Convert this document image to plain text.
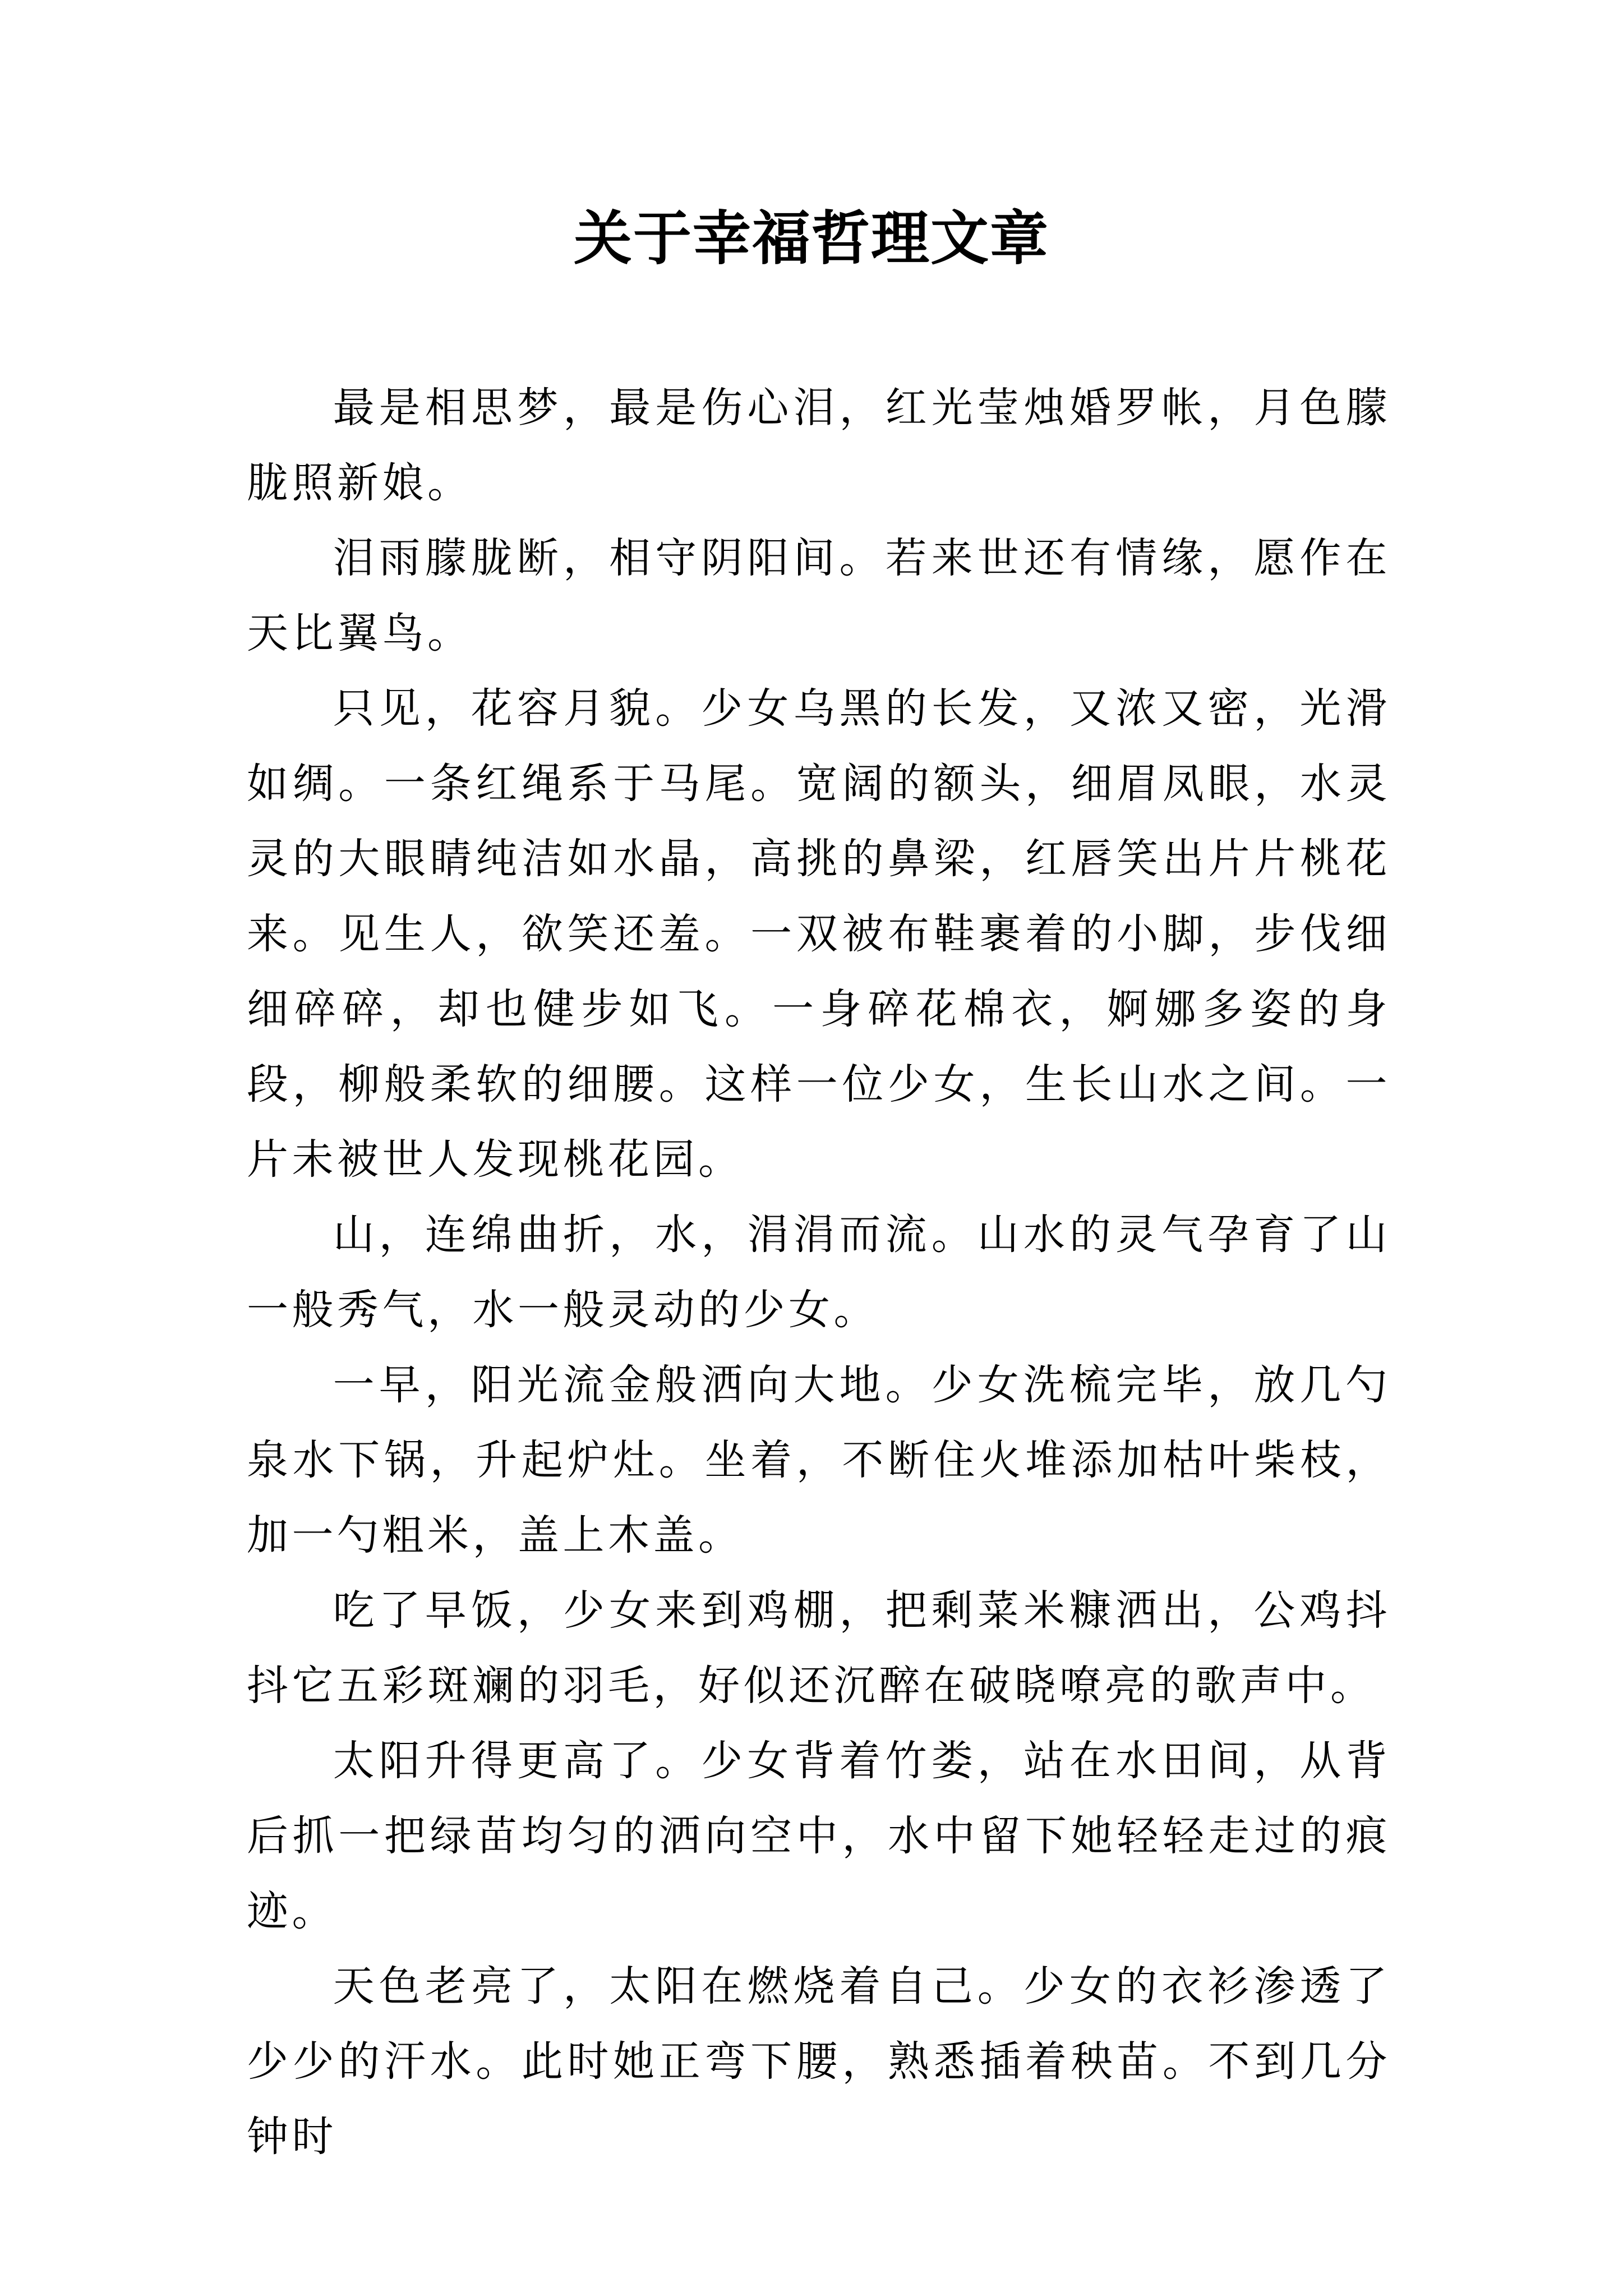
关于幸福哲理文章
最是相思梦，最是伤心泪，红光莹烛婚罗帐，月色朦胧照新娘。
泪雨朦胧断，相守阴阳间。若来世还有情缘，愿作在天比翼鸟。
只见，花容月貌。少女乌黑的长发，又浓又密，光滑如绸。一条红绳系于马尾。宽阔的额头，细眉凤眼，水灵灵的大眼睛纯洁如水晶，高挑的鼻梁，红唇笑出片片桃花来。见生人，欲笑还羞。一双被布鞋裹着的小脚，步伐细细碎碎，却也健步如飞。一身碎花棉衣，婀娜多姿的身段，柳般柔软的细腰。这样一位少女，生长山水之间。一片未被世人发现桃花园。
山，连绵曲折，水，涓涓而流。山水的灵气孕育了山一般秀气，水一般灵动的少女。
一早，阳光流金般洒向大地。少女洗梳完毕，放几勺泉水下锅，升起炉灶。坐着，不断住火堆添加枯叶柴枝，加一勺粗米，盖上木盖。
吃了早饭，少女来到鸡棚，把剩菜米糠洒出，公鸡抖抖它五彩斑斓的羽毛，好似还沉醉在破晓嘹亮的歌声中。
太阳升得更高了。少女背着竹娄，站在水田间，从背后抓一把绿苗均匀的洒向空中，水中留下她轻轻走过的痕迹。
天色老亮了，太阳在燃烧着自己。少女的衣衫渗透了少少的汗水。此时她正弯下腰，熟悉插着秧苗。不到几分钟时
